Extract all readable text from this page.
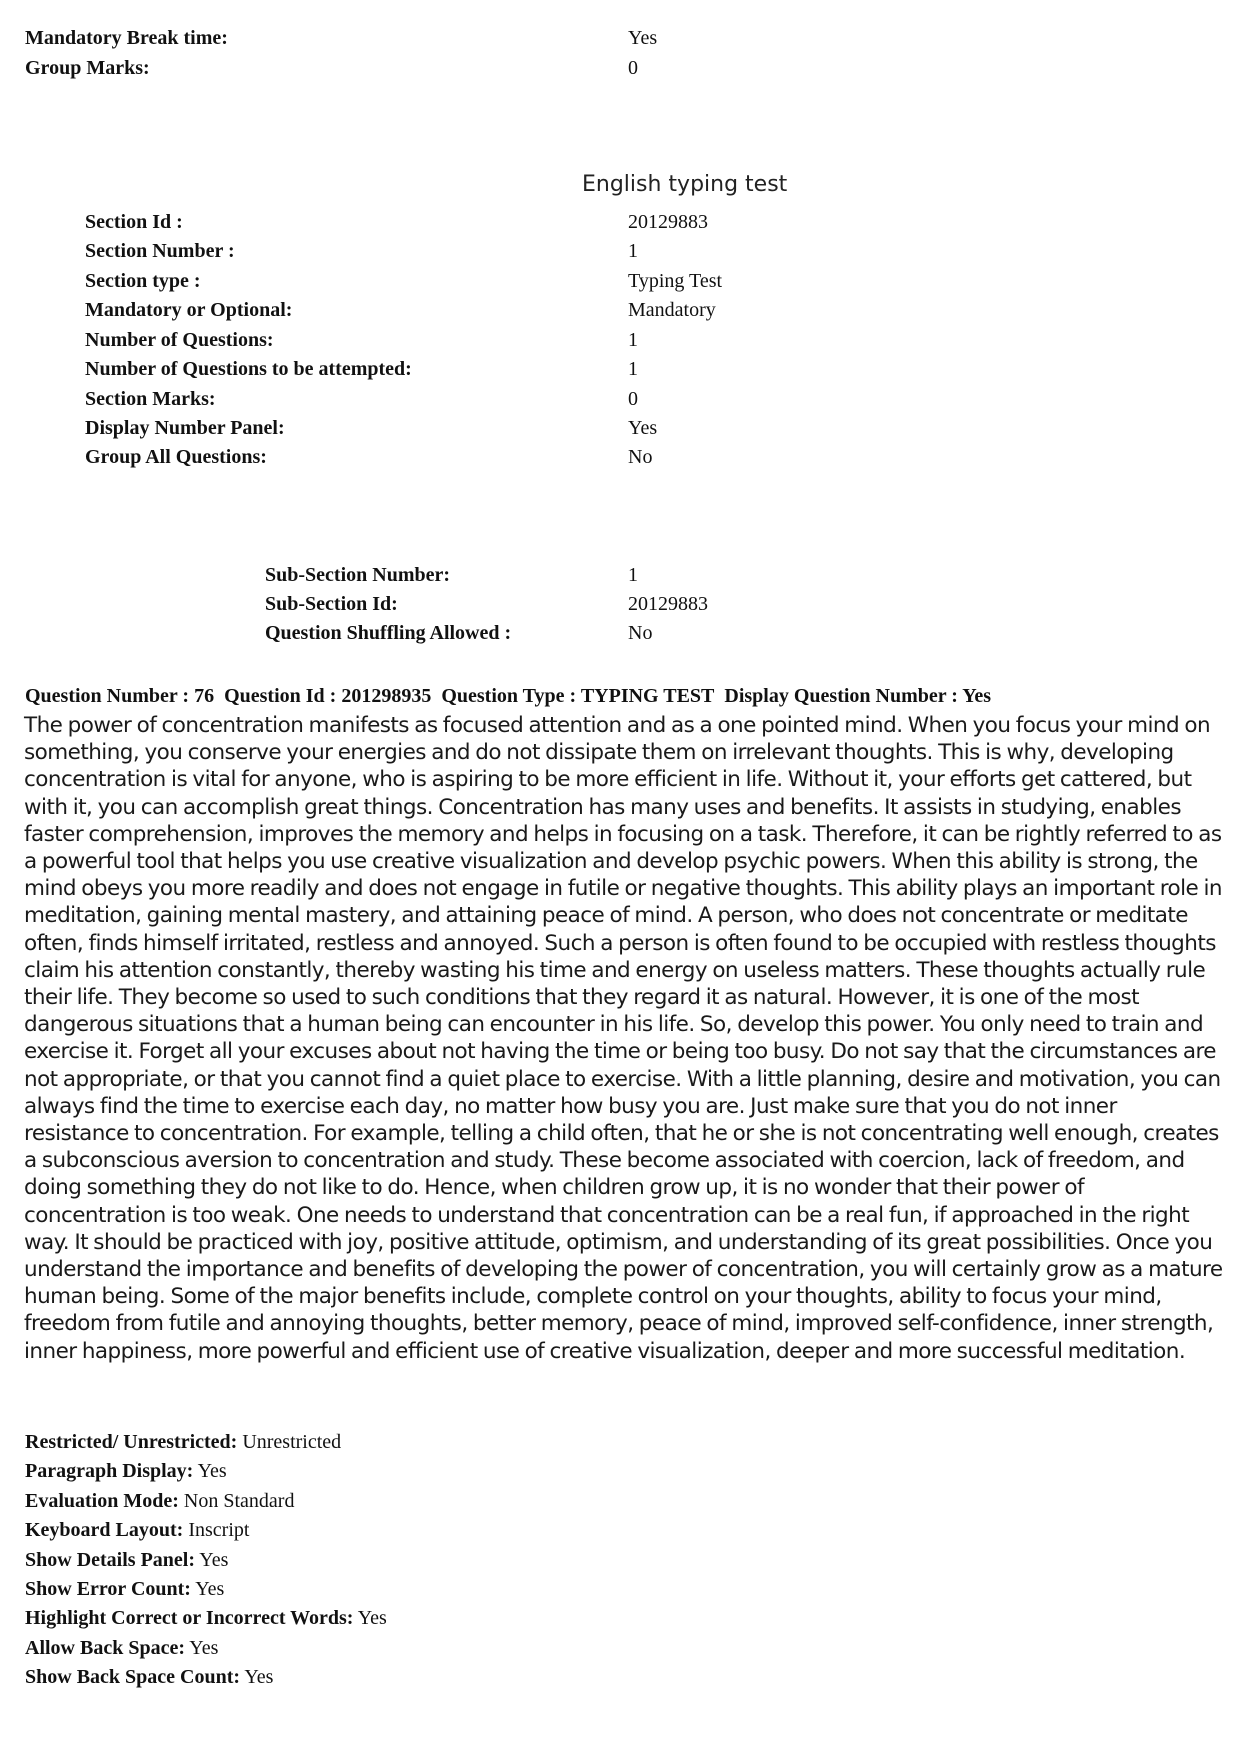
Mandatory Break time:	Yes
Group Marks:	0
English typing test
Section Id :	20129883
Section Number :	1
Section type :	Typing Test
Mandatory or Optional:	Mandatory
Number of Questions:	1
Number of Questions to be attempted:	1
Section Marks:	0
Display Number Panel:	Yes
Group All Questions:	No
Sub-Section Number:	1
Sub-Section Id:	20129883
Question Shuffling Allowed :	No
Question Number : 76 Question Id : 201298935 Question Type : TYPING TEST Display Question Number : Yes
The power of concentration manifests as focused attention and as a one pointed mind. When you focus your mind on something, you conserve your energies and do not dissipate them on irrelevant thoughts. This is why, developing concentration is vital for anyone, who is aspiring to be more efficient in life. Without it, your efforts get cattered, but with it, you can accomplish great things. Concentration has many uses and benefits. It assists in studying, enables faster comprehension, improves the memory and helps in focusing on a task. Therefore, it can be rightly referred to as a powerful tool that helps you use creative visualization and develop psychic powers. When this ability is strong, the mind obeys you more readily and does not engage in futile or negative thoughts. This ability plays an important role in meditation, gaining mental mastery, and attaining peace of mind. A person, who does not concentrate or meditate often, finds himself irritated, restless and annoyed. Such a person is often found to be occupied with restless thoughts claim his attention constantly, thereby wasting his time and energy on useless matters. These thoughts actually rule their life. They become so used to such conditions that they regard it as natural. However, it is one of the most dangerous situations that a human being can encounter in his life. So, develop this power. You only need to train and exercise it. Forget all your excuses about not having the time or being too busy. Do not say that the circumstances are not appropriate, or that you cannot find a quiet place to exercise. With a little planning, desire and motivation, you can always find the time to exercise each day, no matter how busy you are. Just make sure that you do not inner resistance to concentration. For example, telling a child often, that he or she is not concentrating well enough, creates a subconscious aversion to concentration and study. These become associated with coercion, lack of freedom, and doing something they do not like to do. Hence, when children grow up, it is no wonder that their power of concentration is too weak. One needs to understand that concentration can be a real fun, if approached in the right way. It should be practiced with joy, positive attitude, optimism, and understanding of its great possibilities. Once you understand the importance and benefits of developing the power of concentration, you will certainly grow as a mature human being. Some of the major benefits include, complete control on your thoughts, ability to focus your mind, freedom from futile and annoying thoughts, better memory, peace of mind, improved self-confidence, inner strength, inner happiness, more powerful and efficient use of creative visualization, deeper and more successful meditation.
Restricted/ Unrestricted: Unrestricted
Paragraph Display: Yes
Evaluation Mode: Non Standard
Keyboard Layout: Inscript
Show Details Panel: Yes
Show Error Count: Yes
Highlight Correct or Incorrect Words: Yes
Allow Back Space: Yes
Show Back Space Count: Yes
